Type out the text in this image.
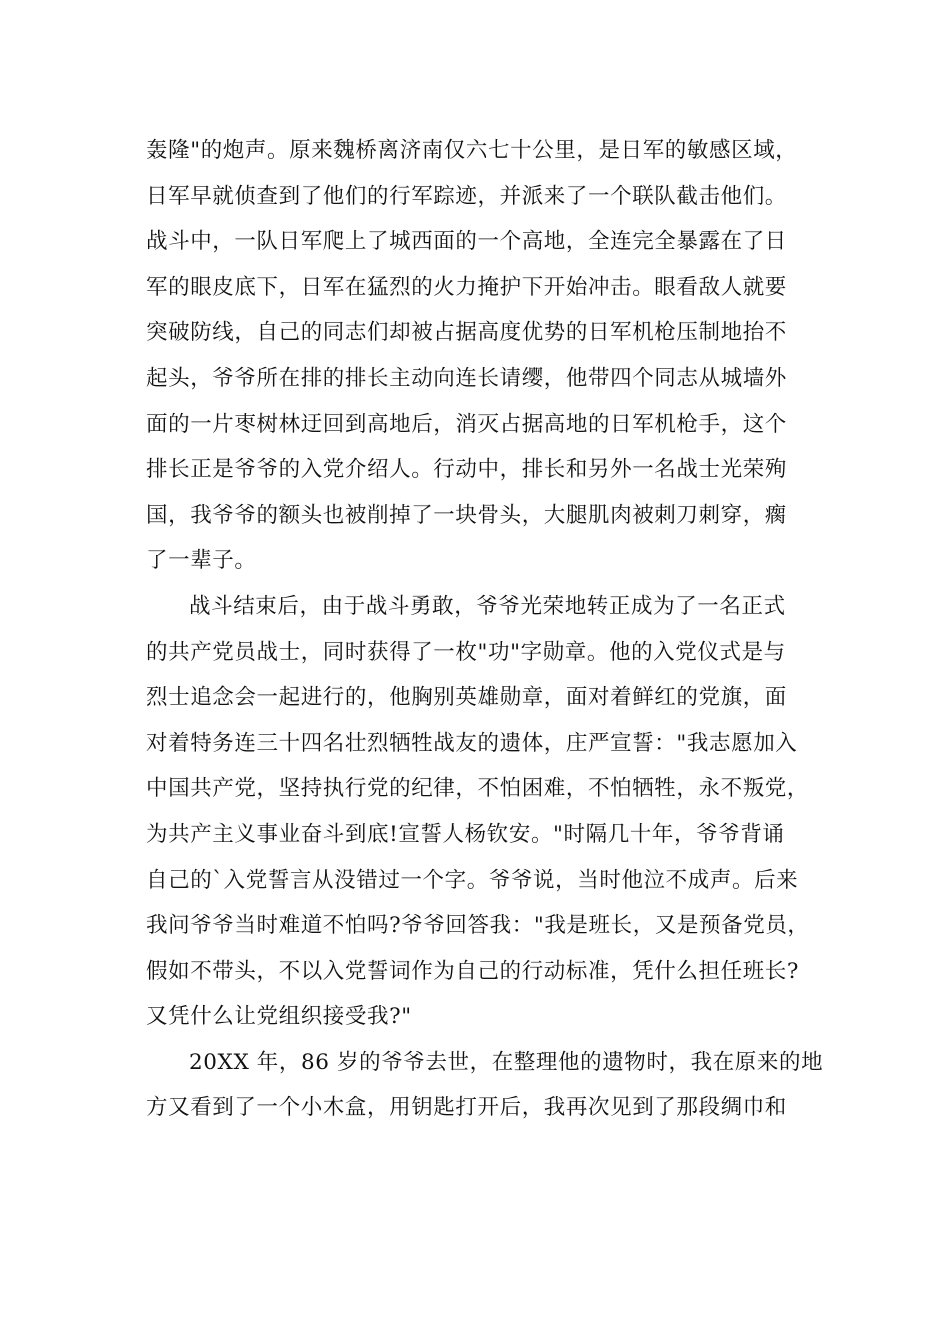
轰隆"的炮声。原来魏桥离济南仅六七十公里，是日军的敏感区域，
日军早就侦查到了他们的行军踪迹，并派来了一个联队截击他们。
战斗中，一队日军爬上了城西面的一个高地，全连完全暴露在了日
军的眼皮底下，日军在猛烈的火力掩护下开始冲击。眼看敌人就要
突破防线，自己的同志们却被占据高度优势的日军机枪压制地抬不
起头，爷爷所在排的排长主动向连长请缨，他带四个同志从城墙外
面的一片枣树林迂回到高地后，消灭占据高地的日军机枪手，这个
排长正是爷爷的入党介绍人。行动中，排长和另外一名战士光荣殉
国，我爷爷的额头也被削掉了一块骨头，大腿肌肉被刺刀刺穿，瘸
了一辈子。
战斗结束后，由于战斗勇敢，爷爷光荣地转正成为了一名正式
的共产党员战士，同时获得了一枚"功"字勋章。他的入党仪式是与
烈士追念会一起进行的，他胸别英雄勋章，面对着鲜红的党旗，面
对着特务连三十四名壮烈牺牲战友的遗体，庄严宣誓："我志愿加入
中国共产党，坚持执行党的纪律，不怕困难，不怕牺牲，永不叛党，
为共产主义事业奋斗到底!宣誓人杨钦安。"时隔几十年，爷爷背诵
自己的`入党誓言从没错过一个字。爷爷说，当时他泣不成声。后来
我问爷爷当时难道不怕吗?爷爷回答我："我是班长，又是预备党员，
假如不带头，不以入党誓词作为自己的行动标准，凭什么担任班长?
又凭什么让党组织接受我?"
20XX 年，86 岁的爷爷去世，在整理他的遗物时，我在原来的地
方又看到了一个小木盒，用钥匙打开后，我再次见到了那段绸巾和
